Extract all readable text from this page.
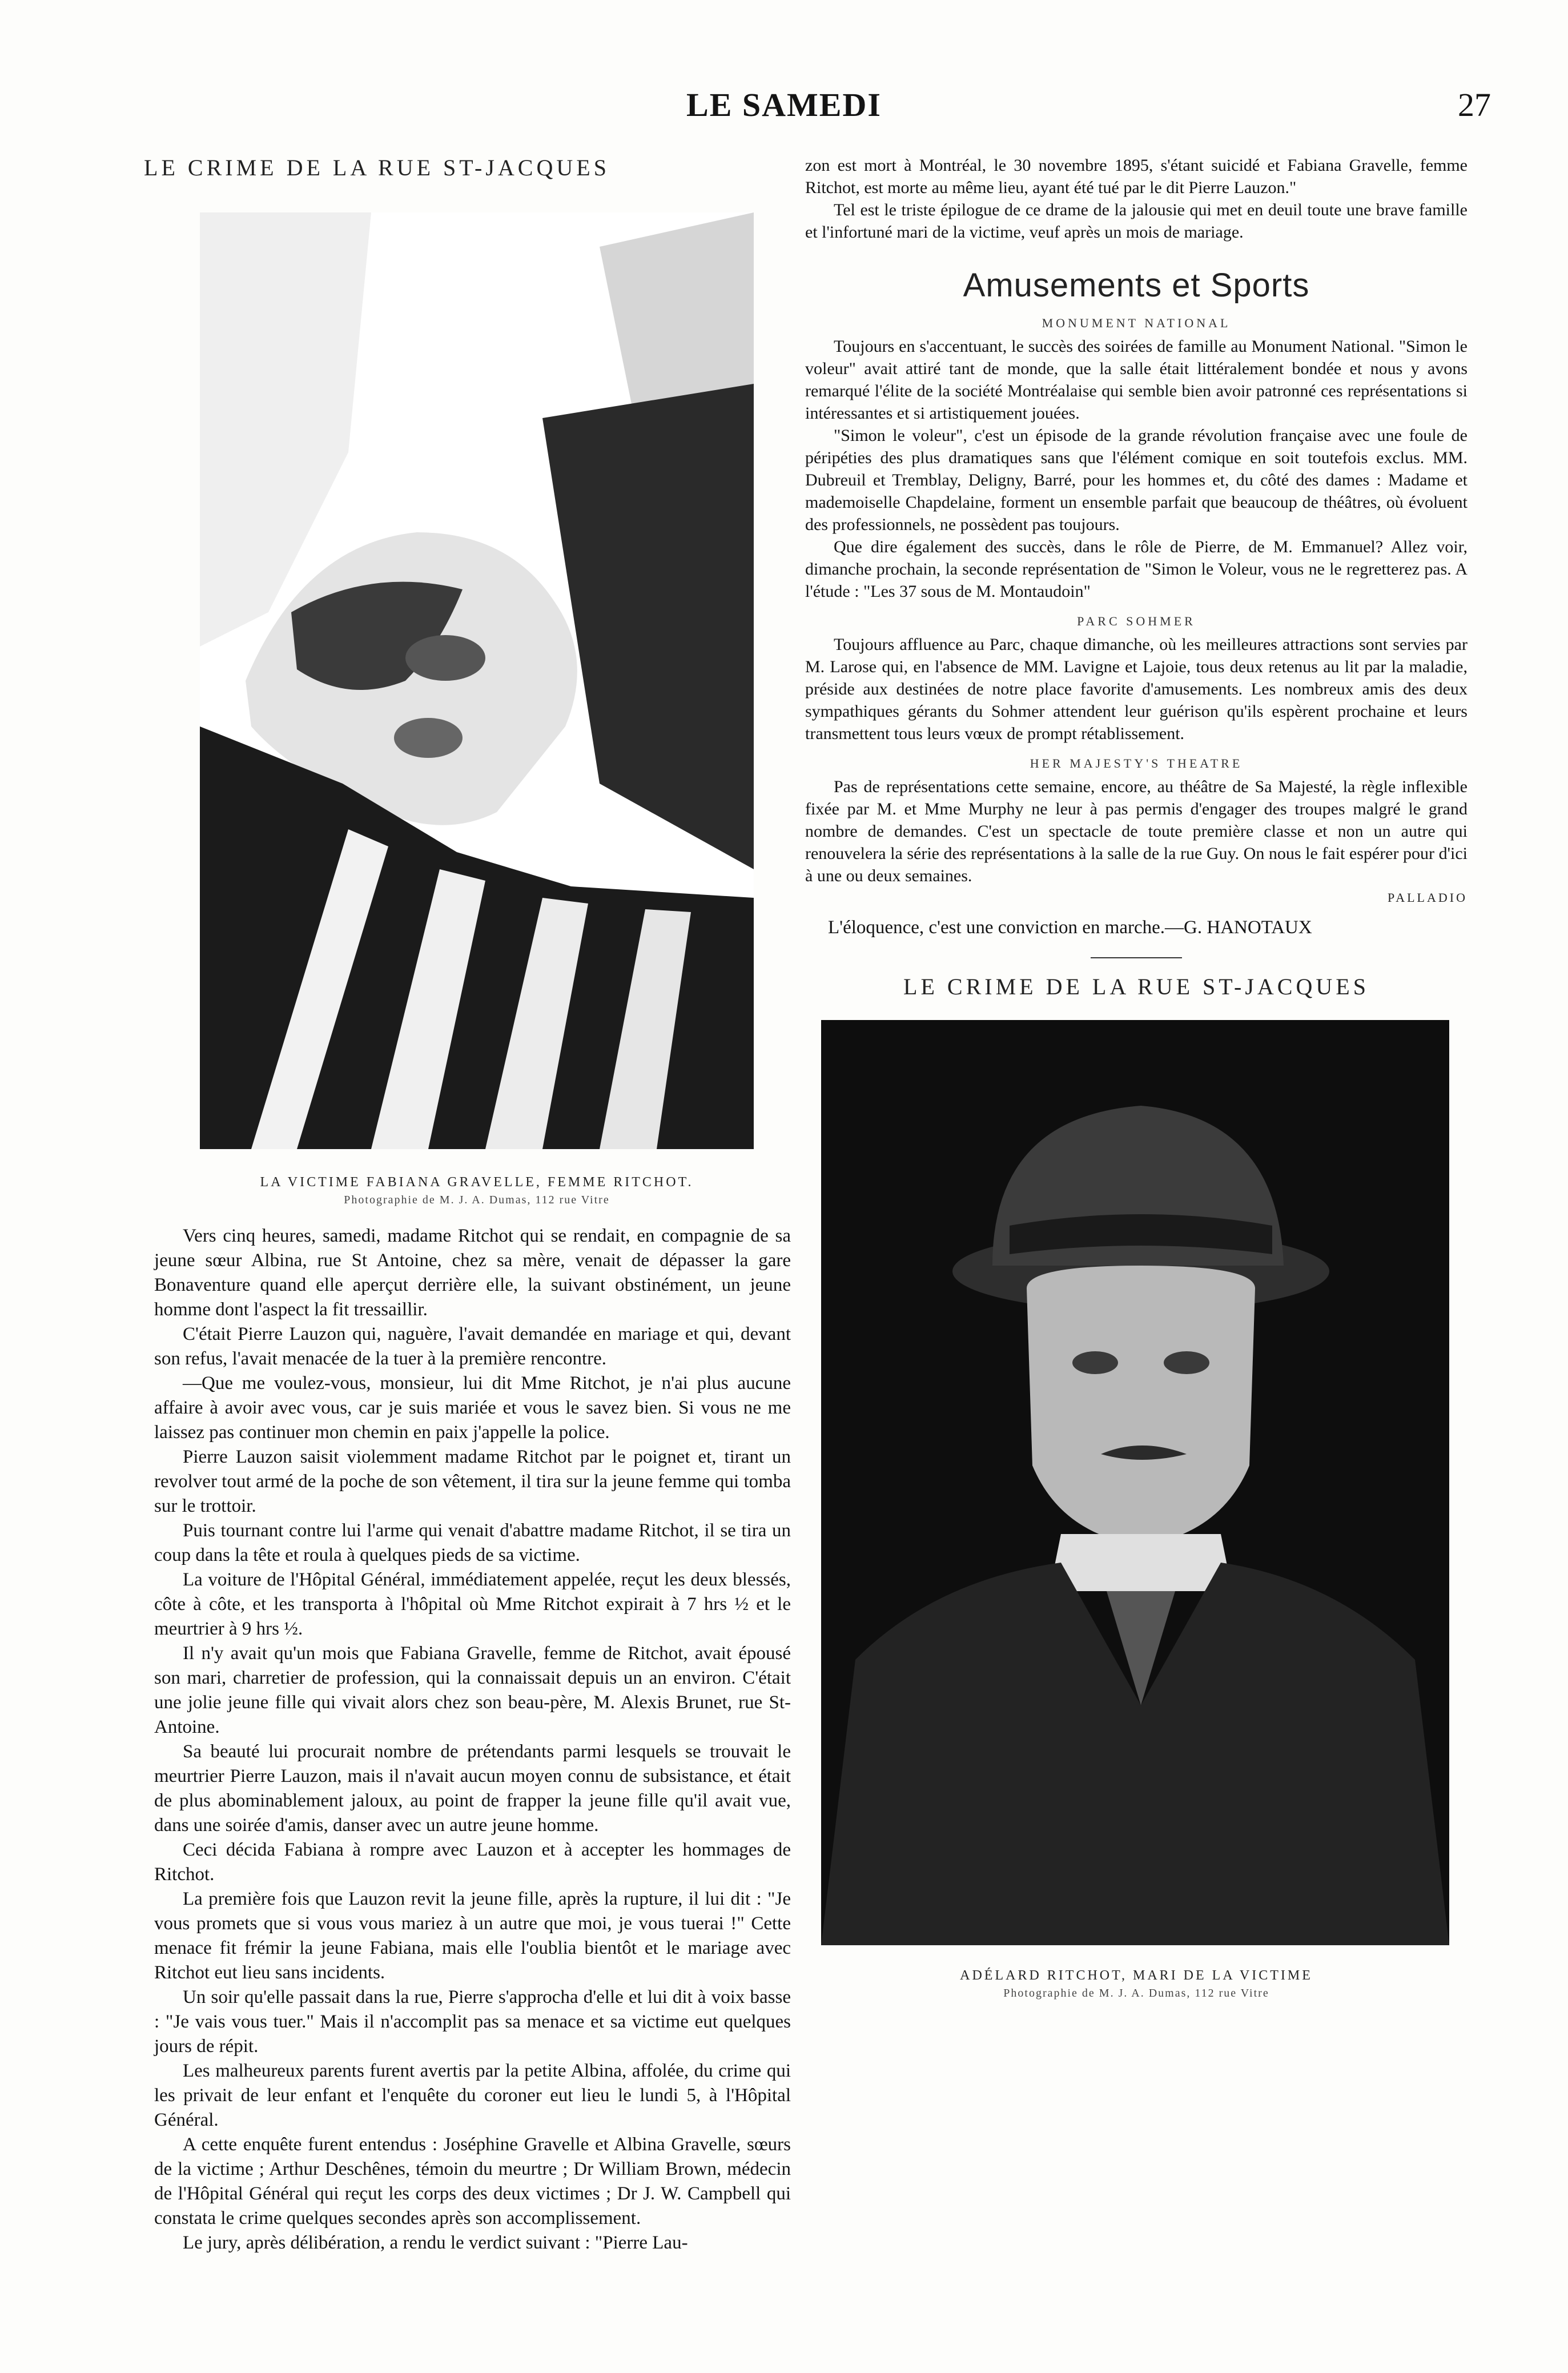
LE SAMEDI	27
LE CRIME DE LA RUE ST-JACQUES
LA VICTIME FABIANA GRAVELLE, FEMME RITCHOT.
Photographie de M. J. A. Dumas, 112 rue Vitre

Vers cinq heures, samedi, madame Ritchot qui se rendait, en compagnie de sa jeune sœur Albina, rue St Antoine, chez sa mère, venait de dépasser la gare Bonaventure quand elle aperçut derrière elle, la suivant obstinément, un jeune homme dont l'aspect la fit tressaillir.

C'était Pierre Lauzon qui, naguère, l'avait demandée en mariage et qui, devant son refus, l'avait menacée de la tuer à la première rencontre.

—Que me voulez-vous, monsieur, lui dit Mme Ritchot, je n'ai plus aucune affaire à avoir avec vous, car je suis mariée et vous le savez bien. Si vous ne me laissez pas continuer mon chemin en paix j'appelle la police.

Pierre Lauzon saisit violemment madame Ritchot par le poignet et, tirant un revolver tout armé de la poche de son vêtement, il tira sur la jeune femme qui tomba sur le trottoir.

Puis tournant contre lui l'arme qui venait d'abattre madame Ritchot, il se tira un coup dans la tête et roula à quelques pieds de sa victime.

La voiture de l'Hôpital Général, immédiatement appelée, reçut les deux blessés, côte à côte, et les transporta à l'hôpital où Mme Ritchot expirait à 7 hrs ½ et le meurtrier à 9 hrs ½.

Il n'y avait qu'un mois que Fabiana Gravelle, femme de Ritchot, avait épousé son mari, charretier de profession, qui la connaissait depuis un an environ. C'était une jolie jeune fille qui vivait alors chez son beau-père, M. Alexis Brunet, rue St-Antoine.

Sa beauté lui procurait nombre de prétendants parmi lesquels se trouvait le meurtrier Pierre Lauzon, mais il n'avait aucun moyen connu de subsistance, et était de plus abominablement jaloux, au point de frapper la jeune fille qu'il avait vue, dans une soirée d'amis, danser avec un autre jeune homme.

Ceci décida Fabiana à rompre avec Lauzon et à accepter les hommages de Ritchot.

La première fois que Lauzon revit la jeune fille, après la rupture, il lui dit : "Je vous promets que si vous vous mariez à un autre que moi, je vous tuerai !" Cette menace fit frémir la jeune Fabiana, mais elle l'oublia bientôt et le mariage avec Ritchot eut lieu sans incidents.

Un soir qu'elle passait dans la rue, Pierre s'approcha d'elle et lui dit à voix basse : "Je vais vous tuer." Mais il n'accomplit pas sa menace et sa victime eut quelques jours de répit.

Les malheureux parents furent avertis par la petite Albina, affolée, du crime qui les privait de leur enfant et l'enquête du coroner eut lieu le lundi 5, à l'Hôpital Général.

A cette enquête furent entendus : Joséphine Gravelle et Albina Gravelle, sœurs de la victime ; Arthur Deschênes, témoin du meurtre ; Dr William Brown, médecin de l'Hôpital Général qui reçut les corps des deux victimes ; Dr J. W. Campbell qui constata le crime quelques secondes après son accomplissement.

Le jury, après délibération, a rendu le verdict suivant : "Pierre Lau-

zon est mort à Montréal, le 30 novembre 1895, s'étant suicidé et Fabiana Gravelle, femme Ritchot, est morte au même lieu, ayant été tué par le dit Pierre Lauzon."

Tel est le triste épilogue de ce drame de la jalousie qui met en deuil toute une brave famille et l'infortuné mari de la victime, veuf après un mois de mariage.

Amusements et Sports
MONUMENT NATIONAL

Toujours en s'accentuant, le succès des soirées de famille au Monument National. "Simon le voleur" avait attiré tant de monde, que la salle était littéralement bondée et nous y avons remarqué l'élite de la société Montréalaise qui semble bien avoir patronné ces représentations si intéressantes et si artistiquement jouées.

"Simon le voleur", c'est un épisode de la grande révolution française avec une foule de péripéties des plus dramatiques sans que l'élément comique en soit toutefois exclus. MM. Dubreuil et Tremblay, Deligny, Barré, pour les hommes et, du côté des dames : Madame et mademoiselle Chapdelaine, forment un ensemble parfait que beaucoup de théâtres, où évoluent des professionnels, ne possèdent pas toujours.

Que dire également des succès, dans le rôle de Pierre, de M. Emmanuel? Allez voir, dimanche prochain, la seconde représentation de "Simon le Voleur, vous ne le regretterez pas. A l'étude : "Les 37 sous de M. Montaudoin"

PARC SOHMER

Toujours affluence au Parc, chaque dimanche, où les meilleures attractions sont servies par M. Larose qui, en l'absence de MM. Lavigne et Lajoie, tous deux retenus au lit par la maladie, préside aux destinées de notre place favorite d'amusements. Les nombreux amis des deux sympathiques gérants du Sohmer attendent leur guérison qu'ils espèrent prochaine et leurs transmettent tous leurs vœux de prompt rétablissement.

HER MAJESTY'S THEATRE

Pas de représentations cette semaine, encore, au théâtre de Sa Majesté, la règle inflexible fixée par M. et Mme Murphy ne leur à pas permis d'engager des troupes malgré le grand nombre de demandes. C'est un spectacle de toute première classe et non un autre qui renouvelera la série des représentations à la salle de la rue Guy. On nous le fait espérer pour d'ici à une ou deux semaines.

PALLADIO

L'éloquence, c'est une conviction en marche.—G. HANOTAUX

LE CRIME DE LA RUE ST-JACQUES
ADÉLARD RITCHOT, MARI DE LA VICTIME
Photographie de M. J. A. Dumas, 112 rue Vitre
